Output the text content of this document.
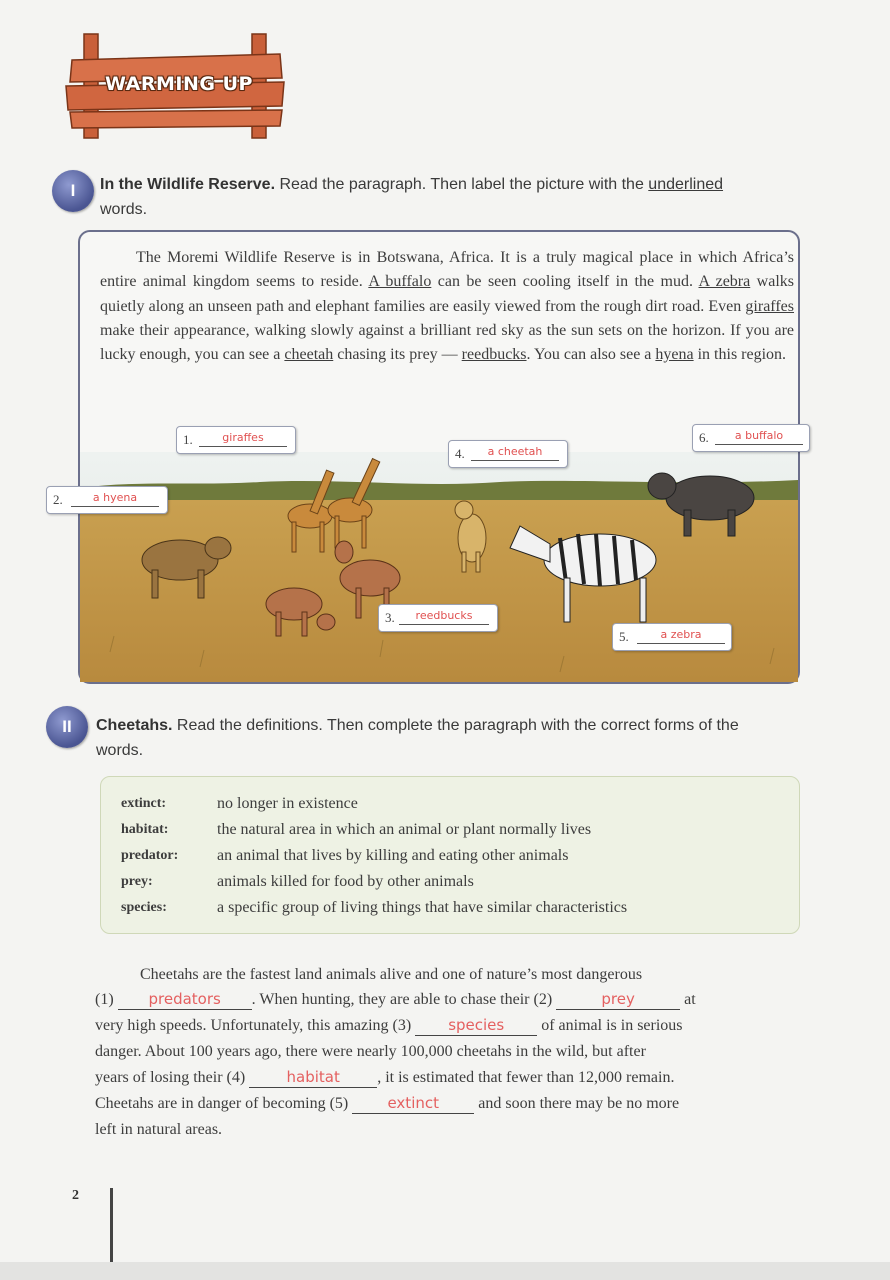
WARMING UP
I	In the Wildlife Reserve. Read the paragraph. Then label the picture with the underlined
words.
The Moremi Wildlife Reserve is in Botswana, Africa. It is a truly magical place in which Africa’s entire animal kingdom seems to reside. A buffalo can be seen cooling itself in the mud. A zebra walks quietly along an unseen path and elephant families are easily viewed from the rough dirt road. Even giraffes make their appearance, walking slowly against a brilliant red sky as the sun sets on the horizon. If you are lucky enough, you can see a cheetah chasing its prey — reedbucks. You can also see a hyena in this region.
1.	giraffes
2.	a hyena
3.	reedbucks
4.	a cheetah
5.	a zebra
6.	a buffalo
II	Cheetahs. Read the definitions. Then complete the paragraph with the correct forms of the
words.
extinct:	no longer in existence
habitat:	the natural area in which an animal or plant normally lives
predator:	an animal that lives by killing and eating other animals
prey:	animals killed for food by other animals
species:	a specific group of living things that have similar characteristics
Cheetahs are the fastest land animals alive and one of nature’s most dangerous
(1) predators . When hunting, they are able to chase their (2)	prey	at
very high speeds. Unfortunately, this amazing (3) species of animal is in serious
danger. About 100 years ago, there were nearly 100,000 cheetahs in the wild, but after
years of losing their (4) habitat , it is estimated that fewer than 12,000 remain.
Cheetahs are in danger of becoming (5) extinct and soon there may be no more
left in natural areas.
2
